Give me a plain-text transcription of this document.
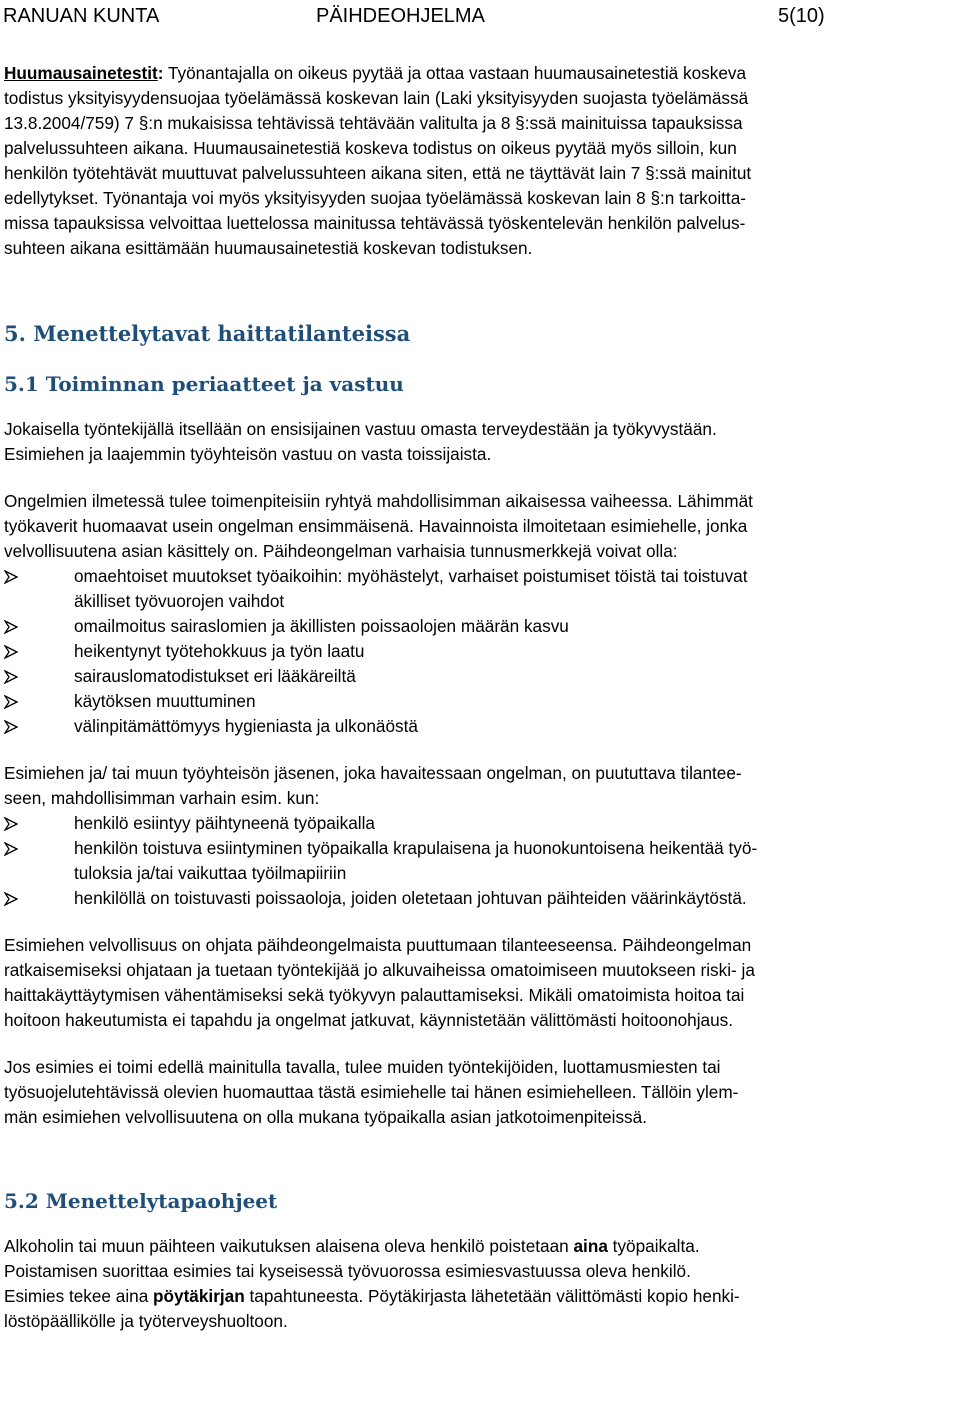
RANUAN KUNTA	PÄIHDEOHJELMA	5(10)

Huumausainetestit: Työnantajalla on oikeus pyytää ja ottaa vastaan huumausainetestiä koskeva
todistus yksityisyydensuojaa työelämässä koskevan lain (Laki yksityisyyden suojasta työelämässä
13.8.2004/759) 7 §:n mukaisissa tehtävissä tehtävään valitulta ja 8 §:ssä mainituissa tapauksissa
palvelussuhteen aikana. Huumausainetestiä koskeva todistus on oikeus pyytää myös silloin, kun
henkilön työtehtävät muuttuvat palvelussuhteen aikana siten, että ne täyttävät lain 7 §:ssä mainitut
edellytykset. Työnantaja voi myös yksityisyyden suojaa työelämässä koskevan lain 8 §:n tarkoitta-
missa tapauksissa velvoittaa luettelossa mainitussa tehtävässä työskentelevän henkilön palvelus-
suhteen aikana esittämään huumausainetestiä koskevan todistuksen.

5. Menettelytavat haittatilanteissa
5.1 Toiminnan periaatteet ja vastuu

Jokaisella työntekijällä itsellään on ensisijainen vastuu omasta terveydestään ja työkyvystään.
Esimiehen ja laajemmin työyhteisön vastuu on vasta toissijaista.

Ongelmien ilmetessä tulee toimenpiteisiin ryhtyä mahdollisimman aikaisessa vaiheessa. Lähimmät
työkaverit huomaavat usein ongelman ensimmäisenä. Havainnoista ilmoitetaan esimiehelle, jonka
velvollisuutena asian käsittely on. Päihdeongelman varhaisia tunnusmerkkejä voivat olla:

omaehtoiset muutokset työaikoihin: myöhästelyt, varhaiset poistumiset töistä tai toistuvat
äkilliset työvuorojen vaihdot
omailmoitus sairaslomien ja äkillisten poissaolojen määrän kasvu
heikentynyt työtehokkuus ja työn laatu
sairauslomatodistukset eri lääkäreiltä
käytöksen muuttuminen
välinpitämättömyys hygieniasta ja ulkonäöstä

Esimiehen ja/ tai muun työyhteisön jäsenen, joka havaitessaan ongelman, on puututtava tilantee-
seen, mahdollisimman varhain esim. kun:

henkilö esiintyy päihtyneenä työpaikalla
henkilön toistuva esiintyminen työpaikalla krapulaisena ja huonokuntoisena heikentää työ-
tuloksia ja/tai vaikuttaa työilmapiiriin
henkilöllä on toistuvasti poissaoloja, joiden oletetaan johtuvan päihteiden väärinkäytöstä.

Esimiehen velvollisuus on ohjata päihdeongelmaista puuttumaan tilanteeseensa. Päihdeongelman
ratkaisemiseksi ohjataan ja tuetaan työntekijää jo alkuvaiheissa omatoimiseen muutokseen riski- ja
haittakäyttäytymisen vähentämiseksi sekä työkyvyn palauttamiseksi. Mikäli omatoimista hoitoa tai
hoitoon hakeutumista ei tapahdu ja ongelmat jatkuvat, käynnistetään välittömästi hoitoonohjaus.

Jos esimies ei toimi edellä mainitulla tavalla, tulee muiden työntekijöiden, luottamusmiesten tai
työsuojelutehtävissä olevien huomauttaa tästä esimiehelle tai hänen esimiehelleen. Tällöin ylem-
män esimiehen velvollisuutena on olla mukana työpaikalla asian jatkotoimenpiteissä.

5.2 Menettelytapaohjeet

Alkoholin tai muun päihteen vaikutuksen alaisena oleva henkilö poistetaan aina työpaikalta.
Poistamisen suorittaa esimies tai kyseisessä työvuorossa esimiesvastuussa oleva henkilö.
Esimies tekee aina pöytäkirjan tapahtuneesta. Pöytäkirjasta lähetetään välittömästi kopio henki-
löstöpäällikölle ja työterveyshuoltoon.
